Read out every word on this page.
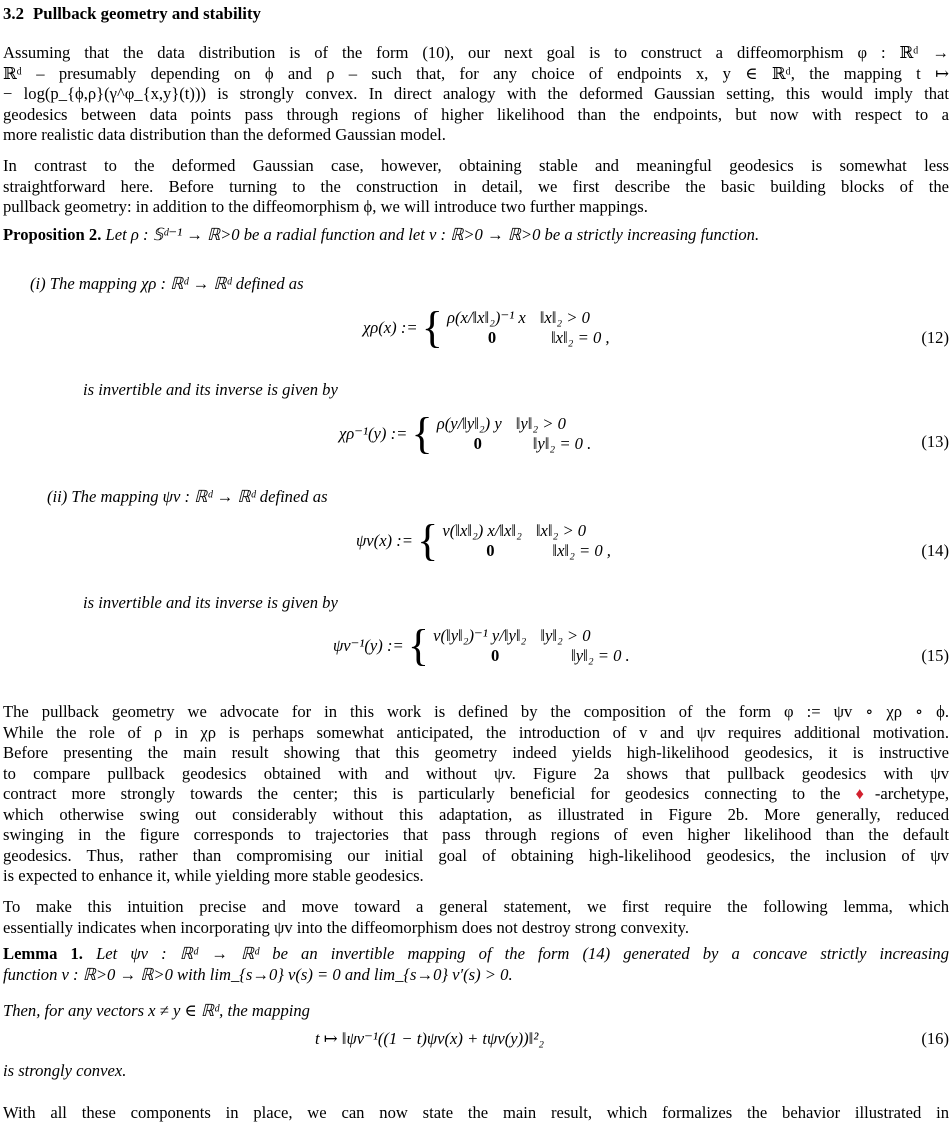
3.2 Pullback geometry and stability
Assuming that the data distribution is of the form (10), our next goal is to construct a diffeomorphism φ : ℝᵈ →
ℝᵈ – presumably depending on ϕ and ρ – such that, for any choice of endpoints x, y ∈ ℝᵈ, the mapping t ↦
− log(p_{ϕ,ρ}(γ^φ_{x,y}(t))) is strongly convex. In direct analogy with the deformed Gaussian setting, this would imply that
geodesics between data points pass through regions of higher likelihood than the endpoints, but now with respect to a
more realistic data distribution than the deformed Gaussian model.
In contrast to the deformed Gaussian case, however, obtaining stable and meaningful geodesics is somewhat less
straightforward here. Before turning to the construction in detail, we first describe the basic building blocks of the
pullback geometry: in addition to the diffeomorphism ϕ, we will introduce two further mappings.
Proposition 2. Let ρ : 𝕊ᵈ⁻¹ → ℝ>0 be a radial function and let v : ℝ>0 → ℝ>0 be a strictly increasing function.
(i) The mapping χρ : ℝᵈ → ℝᵈ defined as
χρ(x) := { ρ(x/‖x‖₂)⁻¹ x ‖x‖₂ > 0
0	‖x‖₂ = 0 ,	(12)
is invertible and its inverse is given by
χρ⁻¹(y) := { ρ(y/‖y‖₂) y ‖y‖₂ > 0
0	‖y‖₂ = 0 .	(13)
(ii) The mapping ψv : ℝᵈ → ℝᵈ defined as
ψv(x) := { v(‖x‖₂) x/‖x‖₂ ‖x‖₂ > 0
0	‖x‖₂ = 0 ,	(14)
is invertible and its inverse is given by
ψv⁻¹(y) := { v(‖y‖₂)⁻¹ y/‖y‖₂ ‖y‖₂ > 0
0	‖y‖₂ = 0 .	(15)
The pullback geometry we advocate for in this work is defined by the composition of the form φ := ψv ∘ χρ ∘ ϕ.
While the role of ρ in χρ is perhaps somewhat anticipated, the introduction of v and ψv requires additional motivation.
Before presenting the main result showing that this geometry indeed yields high-likelihood geodesics, it is instructive
to compare pullback geodesics obtained with and without ψv. Figure 2a shows that pullback geodesics with ψv
contract more strongly towards the center; this is particularly beneficial for geodesics connecting to the ♦-archetype,
which otherwise swing out considerably without this adaptation, as illustrated in Figure 2b. More generally, reduced
swinging in the figure corresponds to trajectories that pass through regions of even higher likelihood than the default
geodesics. Thus, rather than compromising our initial goal of obtaining high-likelihood geodesics, the inclusion of ψv
is expected to enhance it, while yielding more stable geodesics.
To make this intuition precise and move toward a general statement, we first require the following lemma, which
essentially indicates when incorporating ψv into the diffeomorphism does not destroy strong convexity.
Lemma 1. Let ψv : ℝᵈ → ℝᵈ be an invertible mapping of the form (14) generated by a concave strictly increasing
function v : ℝ>0 → ℝ>0 with lim_{s→0} v(s) = 0 and lim_{s→0} v′(s) > 0.
Then, for any vectors x ≠ y ∈ ℝᵈ, the mapping
t ↦ ‖ψv⁻¹((1 − t)ψv(x) + tψv(y))‖²₂	(16)
is strongly convex.
With all these components in place, we can now state the main result, which formalizes the behavior illustrated in
